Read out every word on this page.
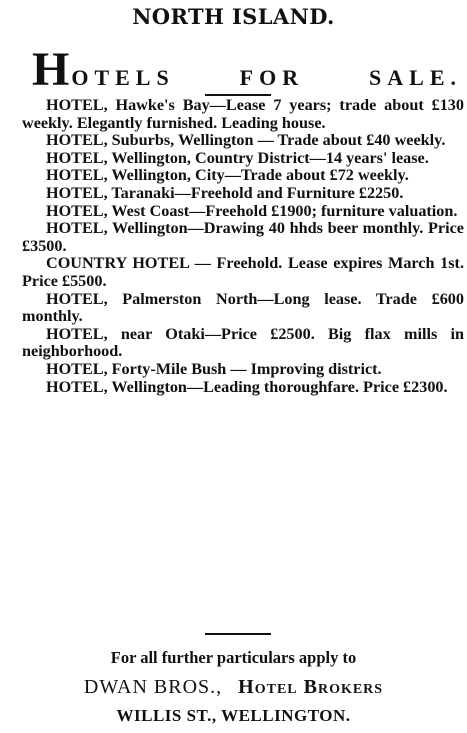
NORTH ISLAND.
H OTELS	FOR	SALE.

HOTEL, Hawke's Bay—Lease 7 years; trade about £130 weekly. Elegantly furnished. Leading house.

HOTEL, Suburbs, Wellington — Trade about £40 weekly.

HOTEL, Wellington, Country District—14 years' lease.

HOTEL, Wellington, City—Trade about £72 weekly.

HOTEL, Taranaki—Freehold and Furniture £2250.

HOTEL, West Coast—Freehold £1900; furniture valuation.

HOTEL, Wellington—Drawing 40 hhds beer monthly. Price £3500.

COUNTRY HOTEL — Freehold. Lease expires March 1st. Price £5500.

HOTEL, Palmerston North—Long lease. Trade £600 monthly.

HOTEL, near Otaki—Price £2500. Big flax mills in neighborhood.

HOTEL, Forty-Mile Bush — Improving district.

HOTEL, Wellington—Leading thoroughfare. Price £2300.

For all further particulars apply to
DWAN BROS., Hotel Brokers
WILLIS ST., WELLINGTON.
